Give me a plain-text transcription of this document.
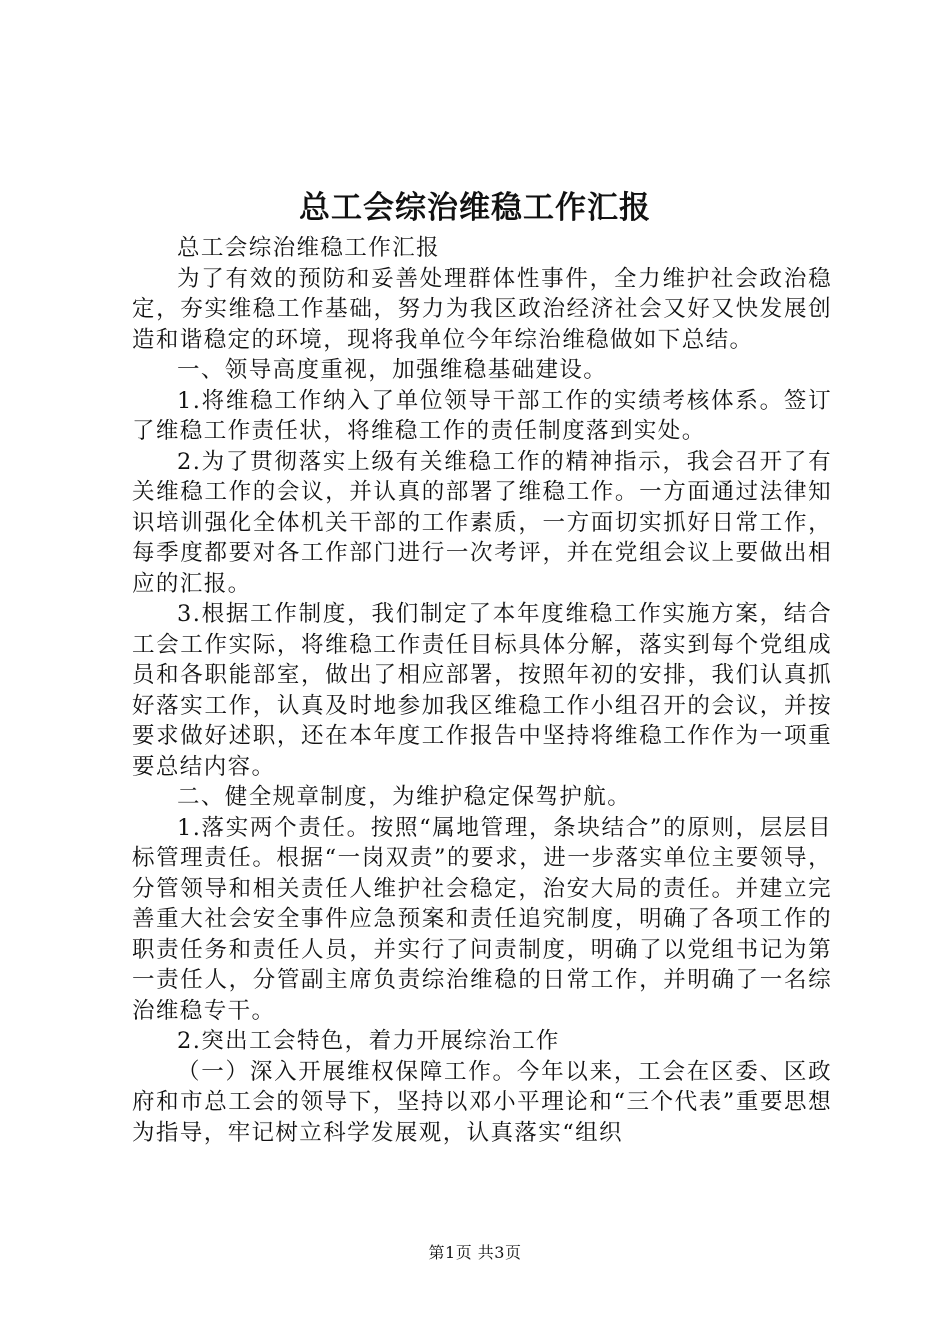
总工会综治维稳工作汇报

总工会综治维稳工作汇报

为了有效的预防和妥善处理群体性事件，全力维护社会政治稳定，夯实维稳工作基础，努力为我区政治经济社会又好又快发展创造和谐稳定的环境，现将我单位今年综治维稳做如下总结。

一、领导高度重视，加强维稳基础建设。

1.将维稳工作纳入了单位领导干部工作的实绩考核体系。签订了维稳工作责任状，将维稳工作的责任制度落到实处。

2.为了贯彻落实上级有关维稳工作的精神指示，我会召开了有关维稳工作的会议，并认真的部署了维稳工作。一方面通过法律知识培训强化全体机关干部的工作素质，一方面切实抓好日常工作，每季度都要对各工作部门进行一次考评，并在党组会议上要做出相应的汇报。

3.根据工作制度，我们制定了本年度维稳工作实施方案，结合工会工作实际，将维稳工作责任目标具体分解，落实到每个党组成员和各职能部室，做出了相应部署，按照年初的安排，我们认真抓好落实工作，认真及时地参加我区维稳工作小组召开的会议，并按要求做好述职，还在本年度工作报告中坚持将维稳工作作为一项重要总结内容。

二、健全规章制度，为维护稳定保驾护航。

1.落实两个责任。按照“属地管理，条块结合”的原则，层层目标管理责任。根据“一岗双责”的要求，进一步落实单位主要领导，分管领导和相关责任人维护社会稳定，治安大局的责任。并建立完善重大社会安全事件应急预案和责任追究制度，明确了各项工作的职责任务和责任人员，并实行了问责制度，明确了以党组书记为第一责任人，分管副主席负责综治维稳的日常工作，并明确了一名综治维稳专干。

2.突出工会特色，着力开展综治工作

（一）深入开展维权保障工作。今年以来，工会在区委、区政府和市总工会的领导下，坚持以邓小平理论和“三个代表”重要思想为指导，牢记树立科学发展观，认真落实“组织

第1页 共3页
